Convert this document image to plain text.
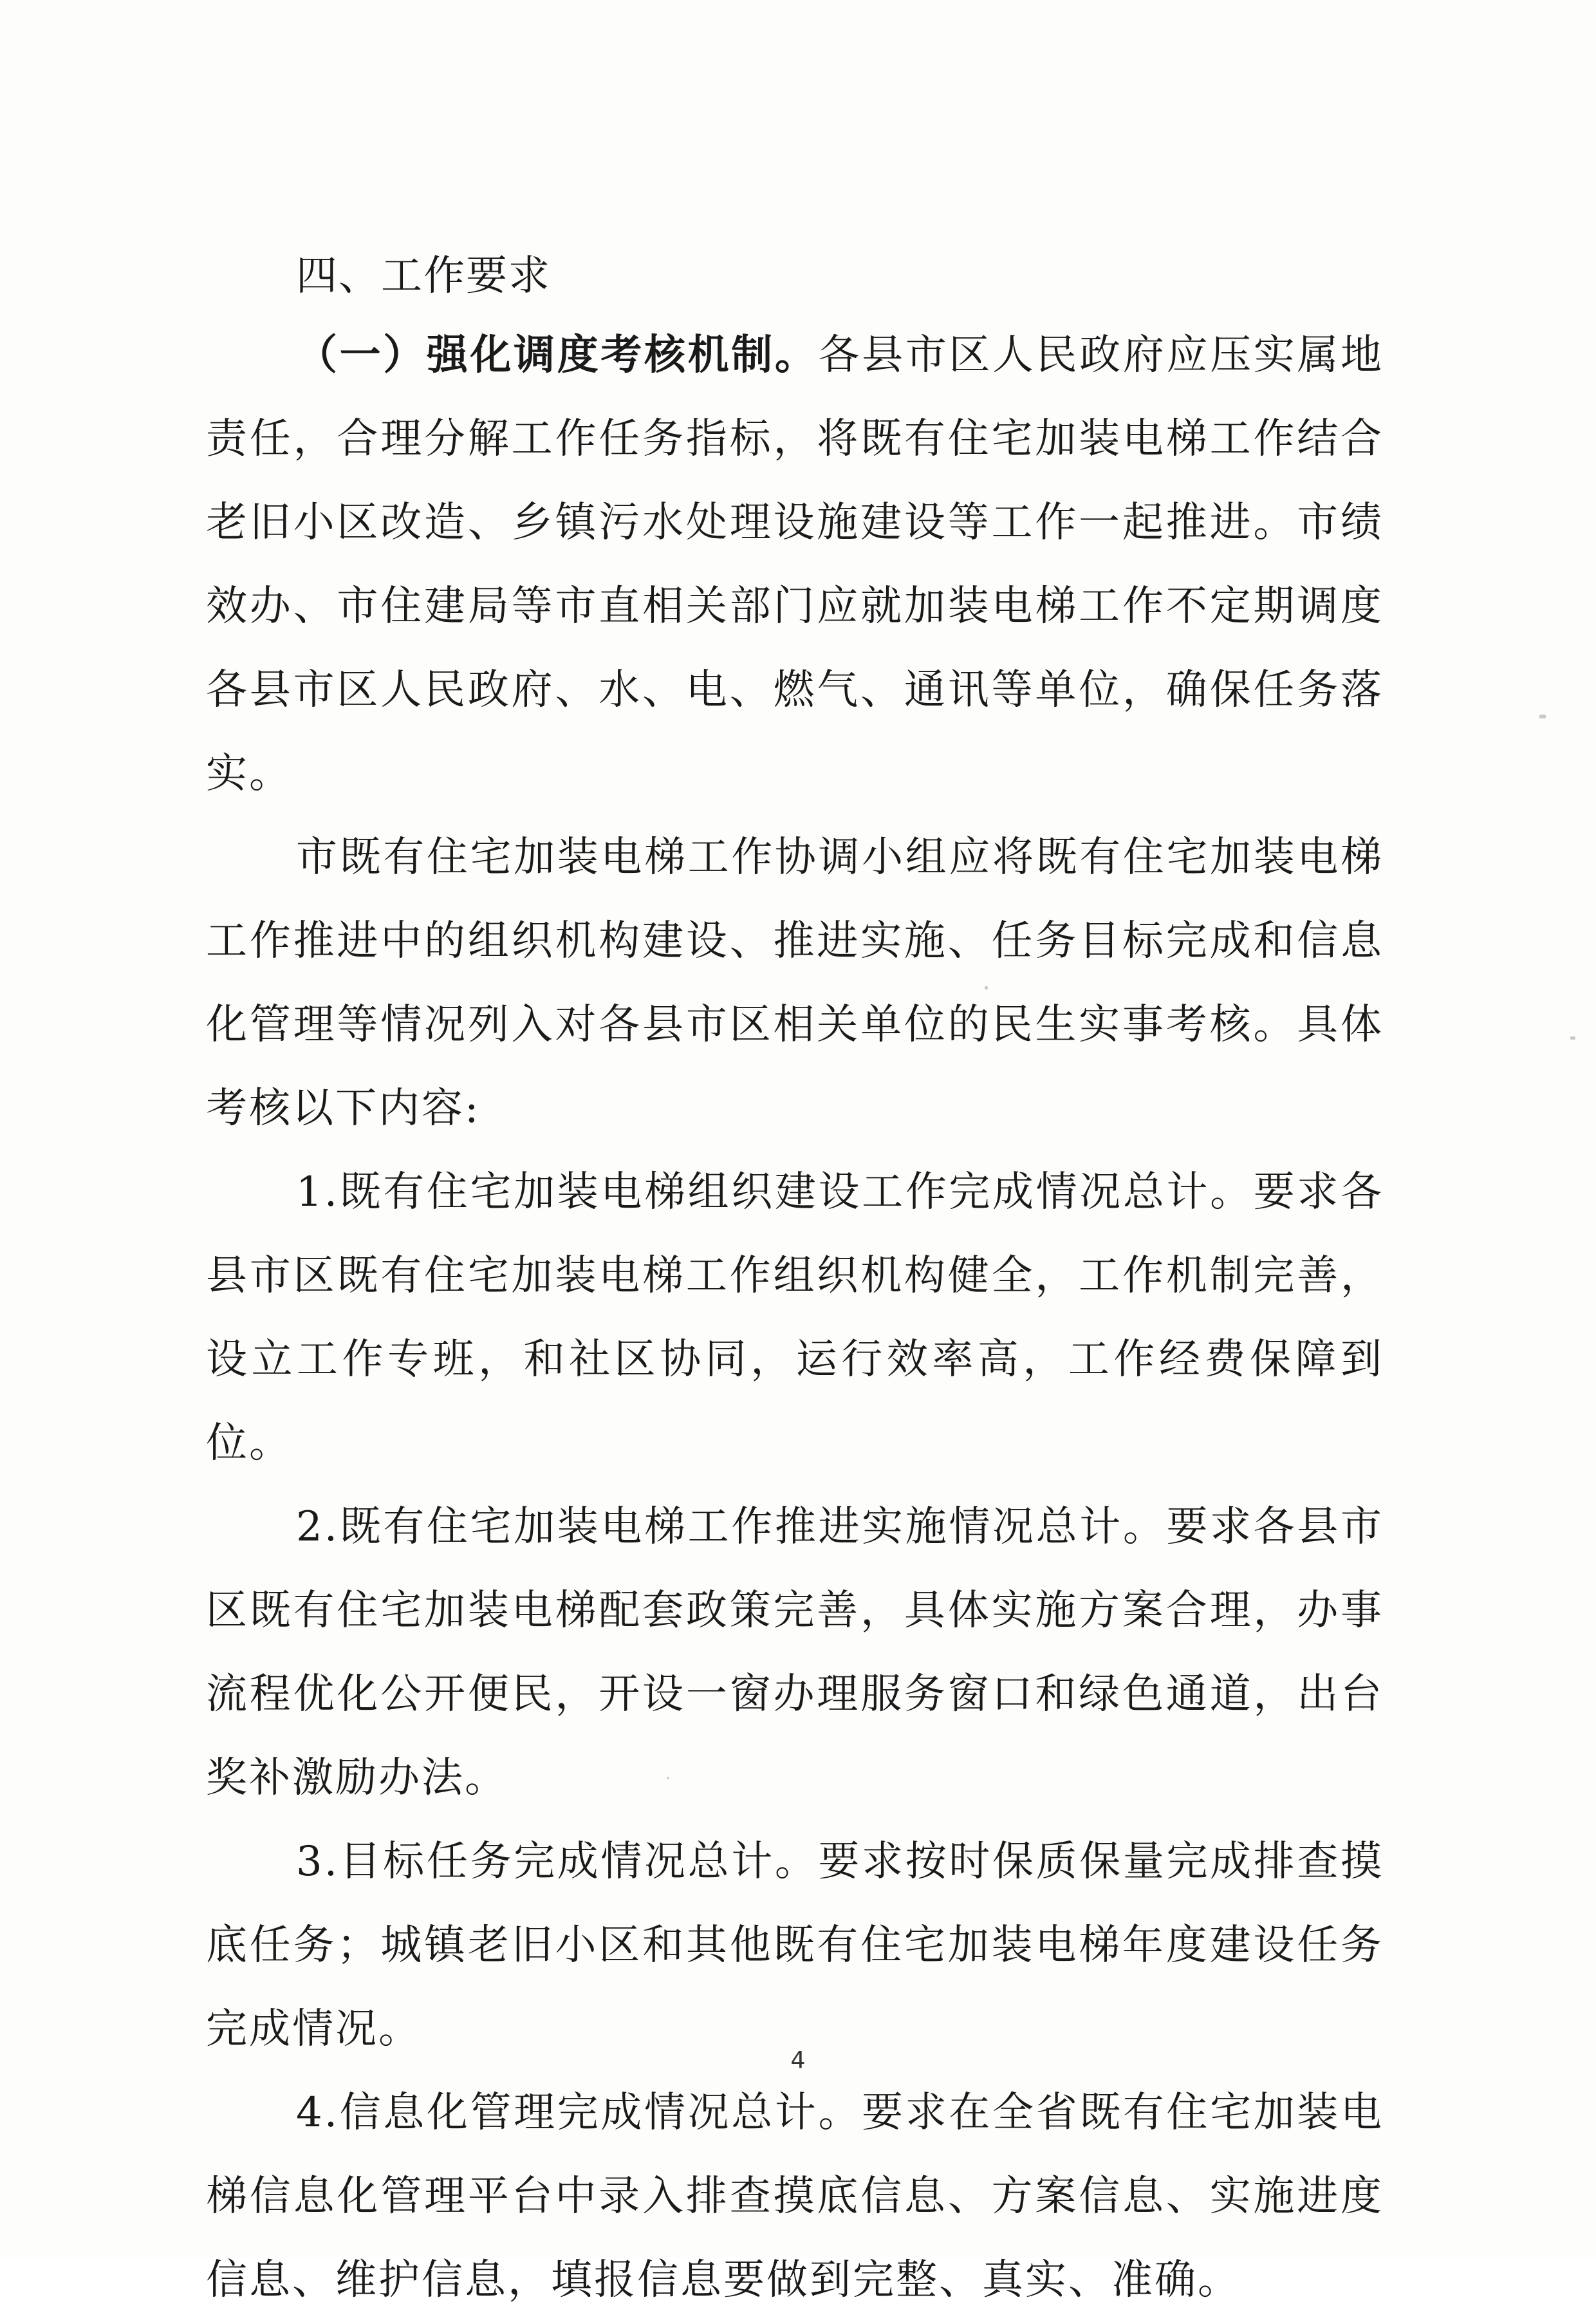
四、工作要求

（一）强化调度考核机制。各县市区人民政府应压实属地责任，合理分解工作任务指标，将既有住宅加装电梯工作结合老旧小区改造、乡镇污水处理设施建设等工作一起推进。市绩效办、市住建局等市直相关部门应就加装电梯工作不定期调度各县市区人民政府、水、电、燃气、通讯等单位，确保任务落实。

市既有住宅加装电梯工作协调小组应将既有住宅加装电梯工作推进中的组织机构建设、推进实施、任务目标完成和信息化管理等情况列入对各县市区相关单位的民生实事考核。具体考核以下内容:

1.既有住宅加装电梯组织建设工作完成情况总计。要求各县市区既有住宅加装电梯工作组织机构健全，工作机制完善，设立工作专班，和社区协同，运行效率高，工作经费保障到位。

2.既有住宅加装电梯工作推进实施情况总计。要求各县市区既有住宅加装电梯配套政策完善，具体实施方案合理，办事流程优化公开便民，开设一窗办理服务窗口和绿色通道，出台奖补激励办法。

3.目标任务完成情况总计。要求按时保质保量完成排查摸底任务；城镇老旧小区和其他既有住宅加装电梯年度建设任务完成情况。

4.信息化管理完成情况总计。要求在全省既有住宅加装电梯信息化管理平台中录入排查摸底信息、方案信息、实施进度信息、维护信息，填报信息要做到完整、真实、准确。

4
